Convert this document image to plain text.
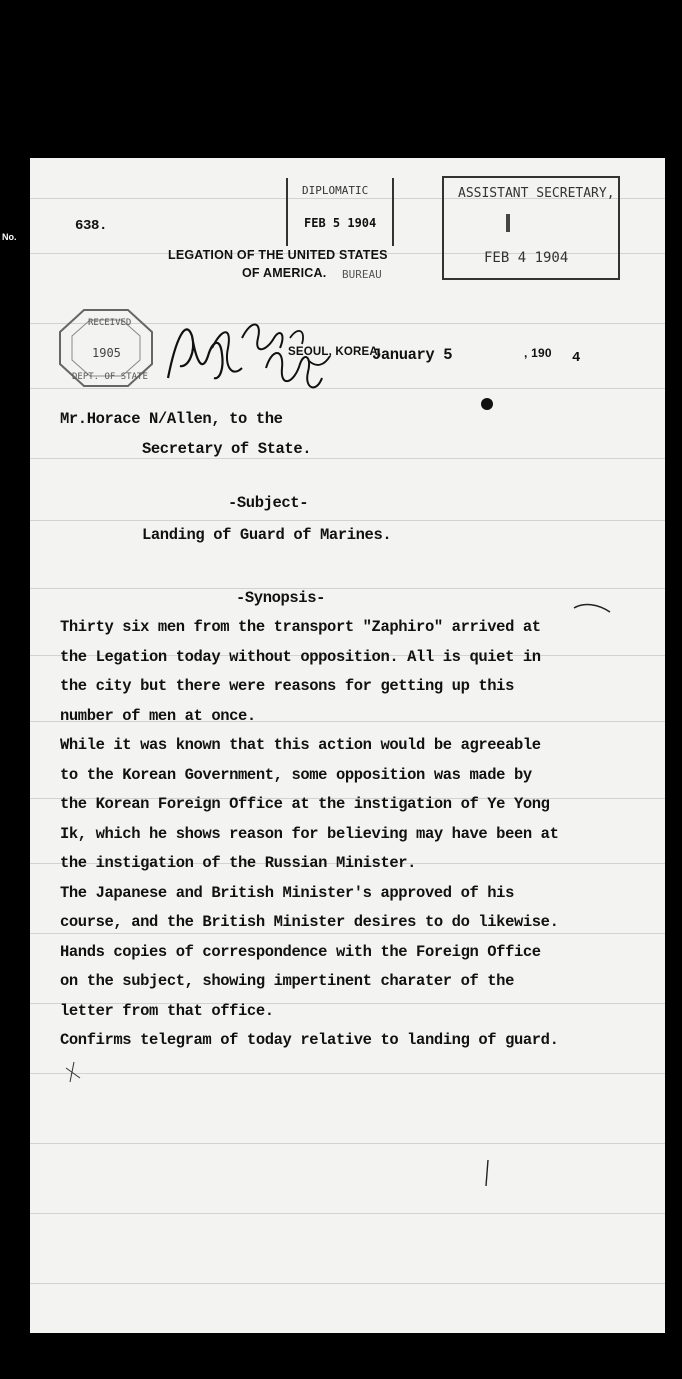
No.
638.
LEGATION OF THE UNITED STATES
OF AMERICA.
DIPLOMATIC
FEB 5 1904
BUREAU
ASSISTANT SECRETARY,
FEB 4 1904
RECEIVED
1905
DEPT. OF STATE
SEOUL, KOREA,
January 5	, 190 4
Mr.Horace N/Allen, to the
Secretary of State.
-Subject-
Landing of Guard of Marines.
-Synopsis-
Thirty six men from the transport "Zaphiro" arrived at
the Legation today without opposition. All is quiet in
the city but there were reasons for getting up this
number of men at once.
While it was known that this action would be agreeable
to the Korean Government, some opposition was made by
the Korean Foreign Office at the instigation of Ye Yong
Ik, which he shows reason for believing may have been at
the instigation of the Russian Minister.
The Japanese and British Minister's approved of his
course, and the British Minister desires to do likewise.
Hands copies of correspondence with the Foreign Office
on the subject, showing impertinent charater of the
letter from that office.
Confirms telegram of today relative to landing of guard.
